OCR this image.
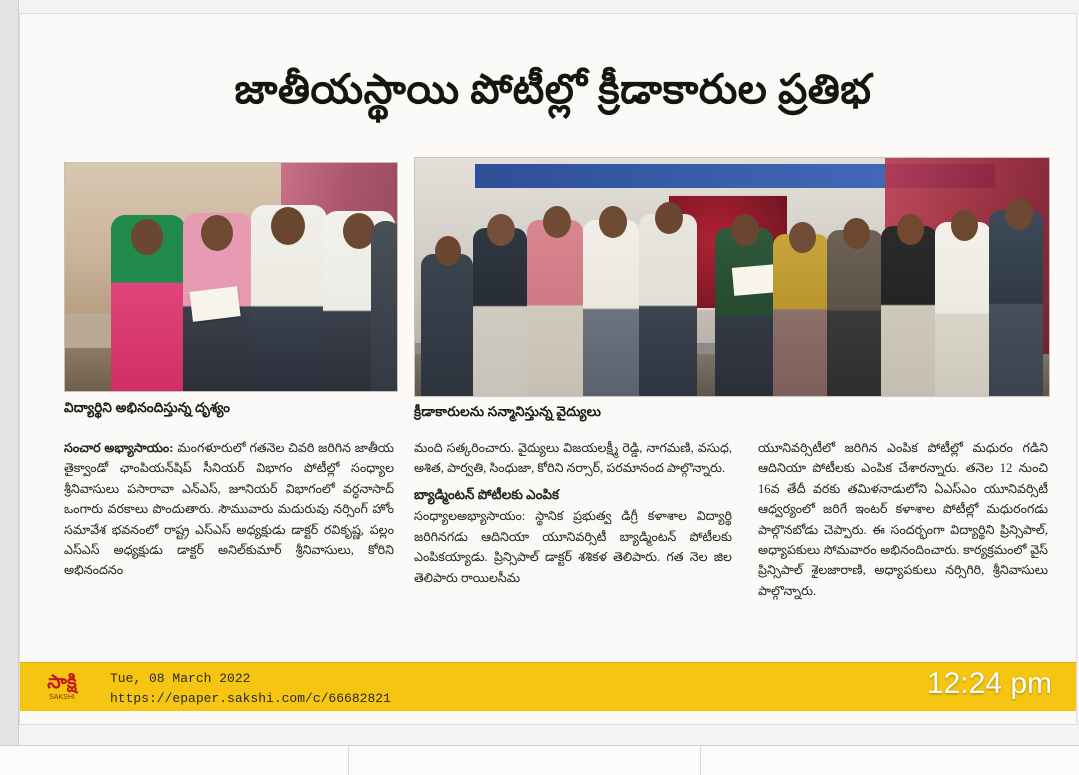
జాతీయస్థాయి పోటీల్లో క్రీడాకారుల ప్రతిభ
విద్యార్థిని అభినందిస్తున్న దృశ్యం	క్రీడాకారులను సన్మానిస్తున్న వైద్యులు

సంచార అభ్యాసాయం: మంగళూరులో గతనెల చివరి జరిగిన జాతీయ తైక్వాండో ఛాంపియన్‌షిప్ సీనియర్ విభాగం పోటీల్లో సంధ్యాల శ్రీనివాసులు పసారావా ఎన్‌ఎస్, జూనియర్ విభాగంలో వర్ధనాసాద్ ఒంగారు వరకాలు పొందుతారు. సౌమువారు మదురువు నర్సింగ్ హోం సమావేశ భవనంలో రాష్ట్ర ఎస్ఎస్ అధ్యక్షుడు డాక్టర్ రవికృష్ణ, పల్లం ఎస్ఎస్ అధ్యక్షుడు డాక్టర్ అనిల్‌కుమార్ శ్రీనివాసులు, కోరిని అభినందనం

మంది సత్కరించారు. వైద్యులు విజయలక్ష్మీ రెడ్డి, నాగమణి, వసుధ, అశిత, పార్వతి, సింధుజా, కోరిని నర్సార్, పరమానంద పాల్గొన్నారు.

బ్యాడ్మింటన్ పోటీలకు ఎంపిక

సంధ్యాలఅభ్యాసాయం: స్థానిక ప్రభుత్వ డిగ్రీ కళాశాల విద్యార్థి జరిగినగడు ఆదినియా యూనివర్సిటీ బ్యాడ్మింటన్ పోటీలకు ఎంపికయ్యాడు. ప్రిన్సిపాల్ డాక్టర్ శశికళ తెలిపారు. గత నెల జిల తెలిపారు రాయిలసీమ

యూనివర్సిటీలో జరిగిన ఎంపిక పోటీల్లో మధురం గడిని ఆదినియా పోటీలకు ఎంపిక చేశారన్నారు. తనెల 12 నుంచి 16వ తేదీ వరకు తమిళనాడులోని ఏఎస్‌ఎం యూనివర్సిటీ ఆధ్వర్యంలో జరిగే ఇంటర్ కళాశాల పోటీల్లో మధురంగడు పాల్గొనబోడు చెప్పారు. ఈ సందర్భంగా విద్యార్థిని ప్రిన్సిపాల్, అధ్యాపకులు సోమవారం అభినందించారు. కార్యక్రమంలో వైస్ ప్రిన్సిపాల్ శైలజారాణి, అధ్యాపకులు నర్సిగిరి, శ్రీనివాసులు పాల్గొన్నారు.

సాక్షి
SAKSHI
Tue, 08 March 2022
https://epaper.sakshi.com/c/66682821	12:24 pm
